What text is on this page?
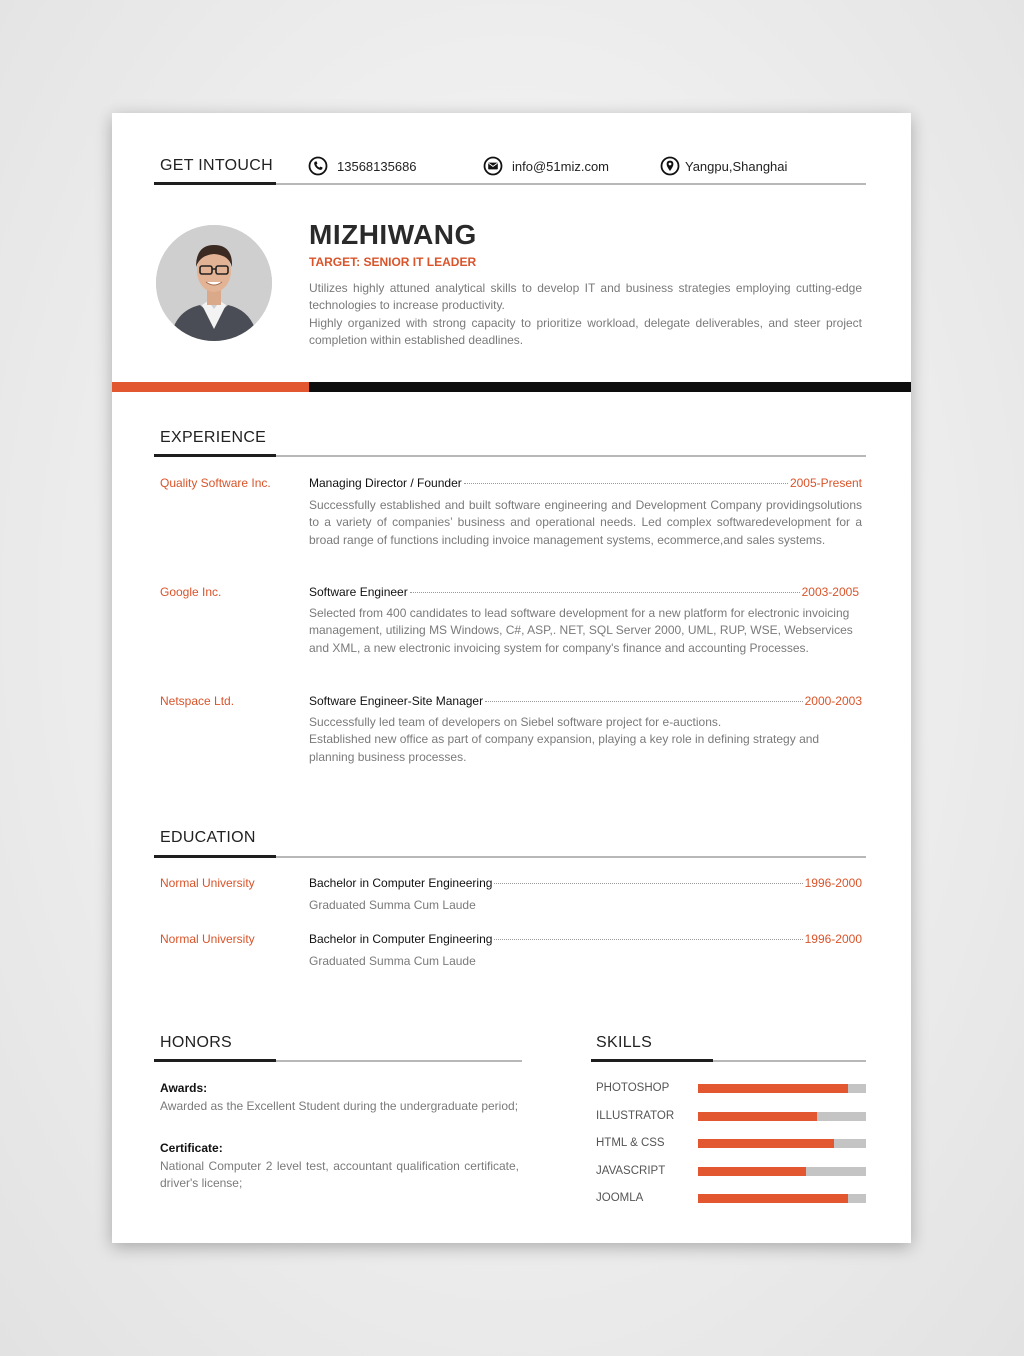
GET INTOUCH	13568135686	info@51miz.com	Yangpu,Shanghai
MIZHIWANG
TARGET: SENIOR IT LEADER
Utilizes highly attuned analytical skills to develop IT and business strategies employing cutting-edge technologies to increase productivity.
Highly organized with strong capacity to prioritize workload, delegate deliverables, and steer project completion within established deadlines.
EXPERIENCE
Quality Software Inc.	Managing Director / Founder	2005-Present
Successfully established and built software engineering and Development Company providingsolutions to a variety of companies’ business and operational needs. Led complex softwaredevelopment for a broad range of functions including invoice management systems, ecommerce,and sales systems.
Google Inc.	Software Engineer	2003-2005
Selected from 400 candidates to lead software development for a new platform for electronic invoicing management, utilizing MS Windows, C#, ASP,. NET, SQL Server 2000, UML, RUP, WSE, Webservices and XML, a new electronic invoicing system for company's finance and accounting Processes.
Netspace Ltd.	Software Engineer-Site Manager	2000-2003
Successfully led team of developers on Siebel software project for e-auctions.
Established new office as part of company expansion, playing a key role in defining strategy and planning business processes.
EDUCATION
Normal University	Bachelor in Computer Engineering	1996-2000
Graduated Summa Cum Laude
Normal University	Bachelor in Computer Engineering	1996-2000
Graduated Summa Cum Laude
HONORS
Awards:
Awarded as the Excellent Student during the undergraduate period;
Certificate:
National Computer 2 level test, accountant qualification certificate, driver's license;
SKILLS
PHOTOSHOP
ILLUSTRATOR
HTML & CSS
JAVASCRIPT
JOOMLA
